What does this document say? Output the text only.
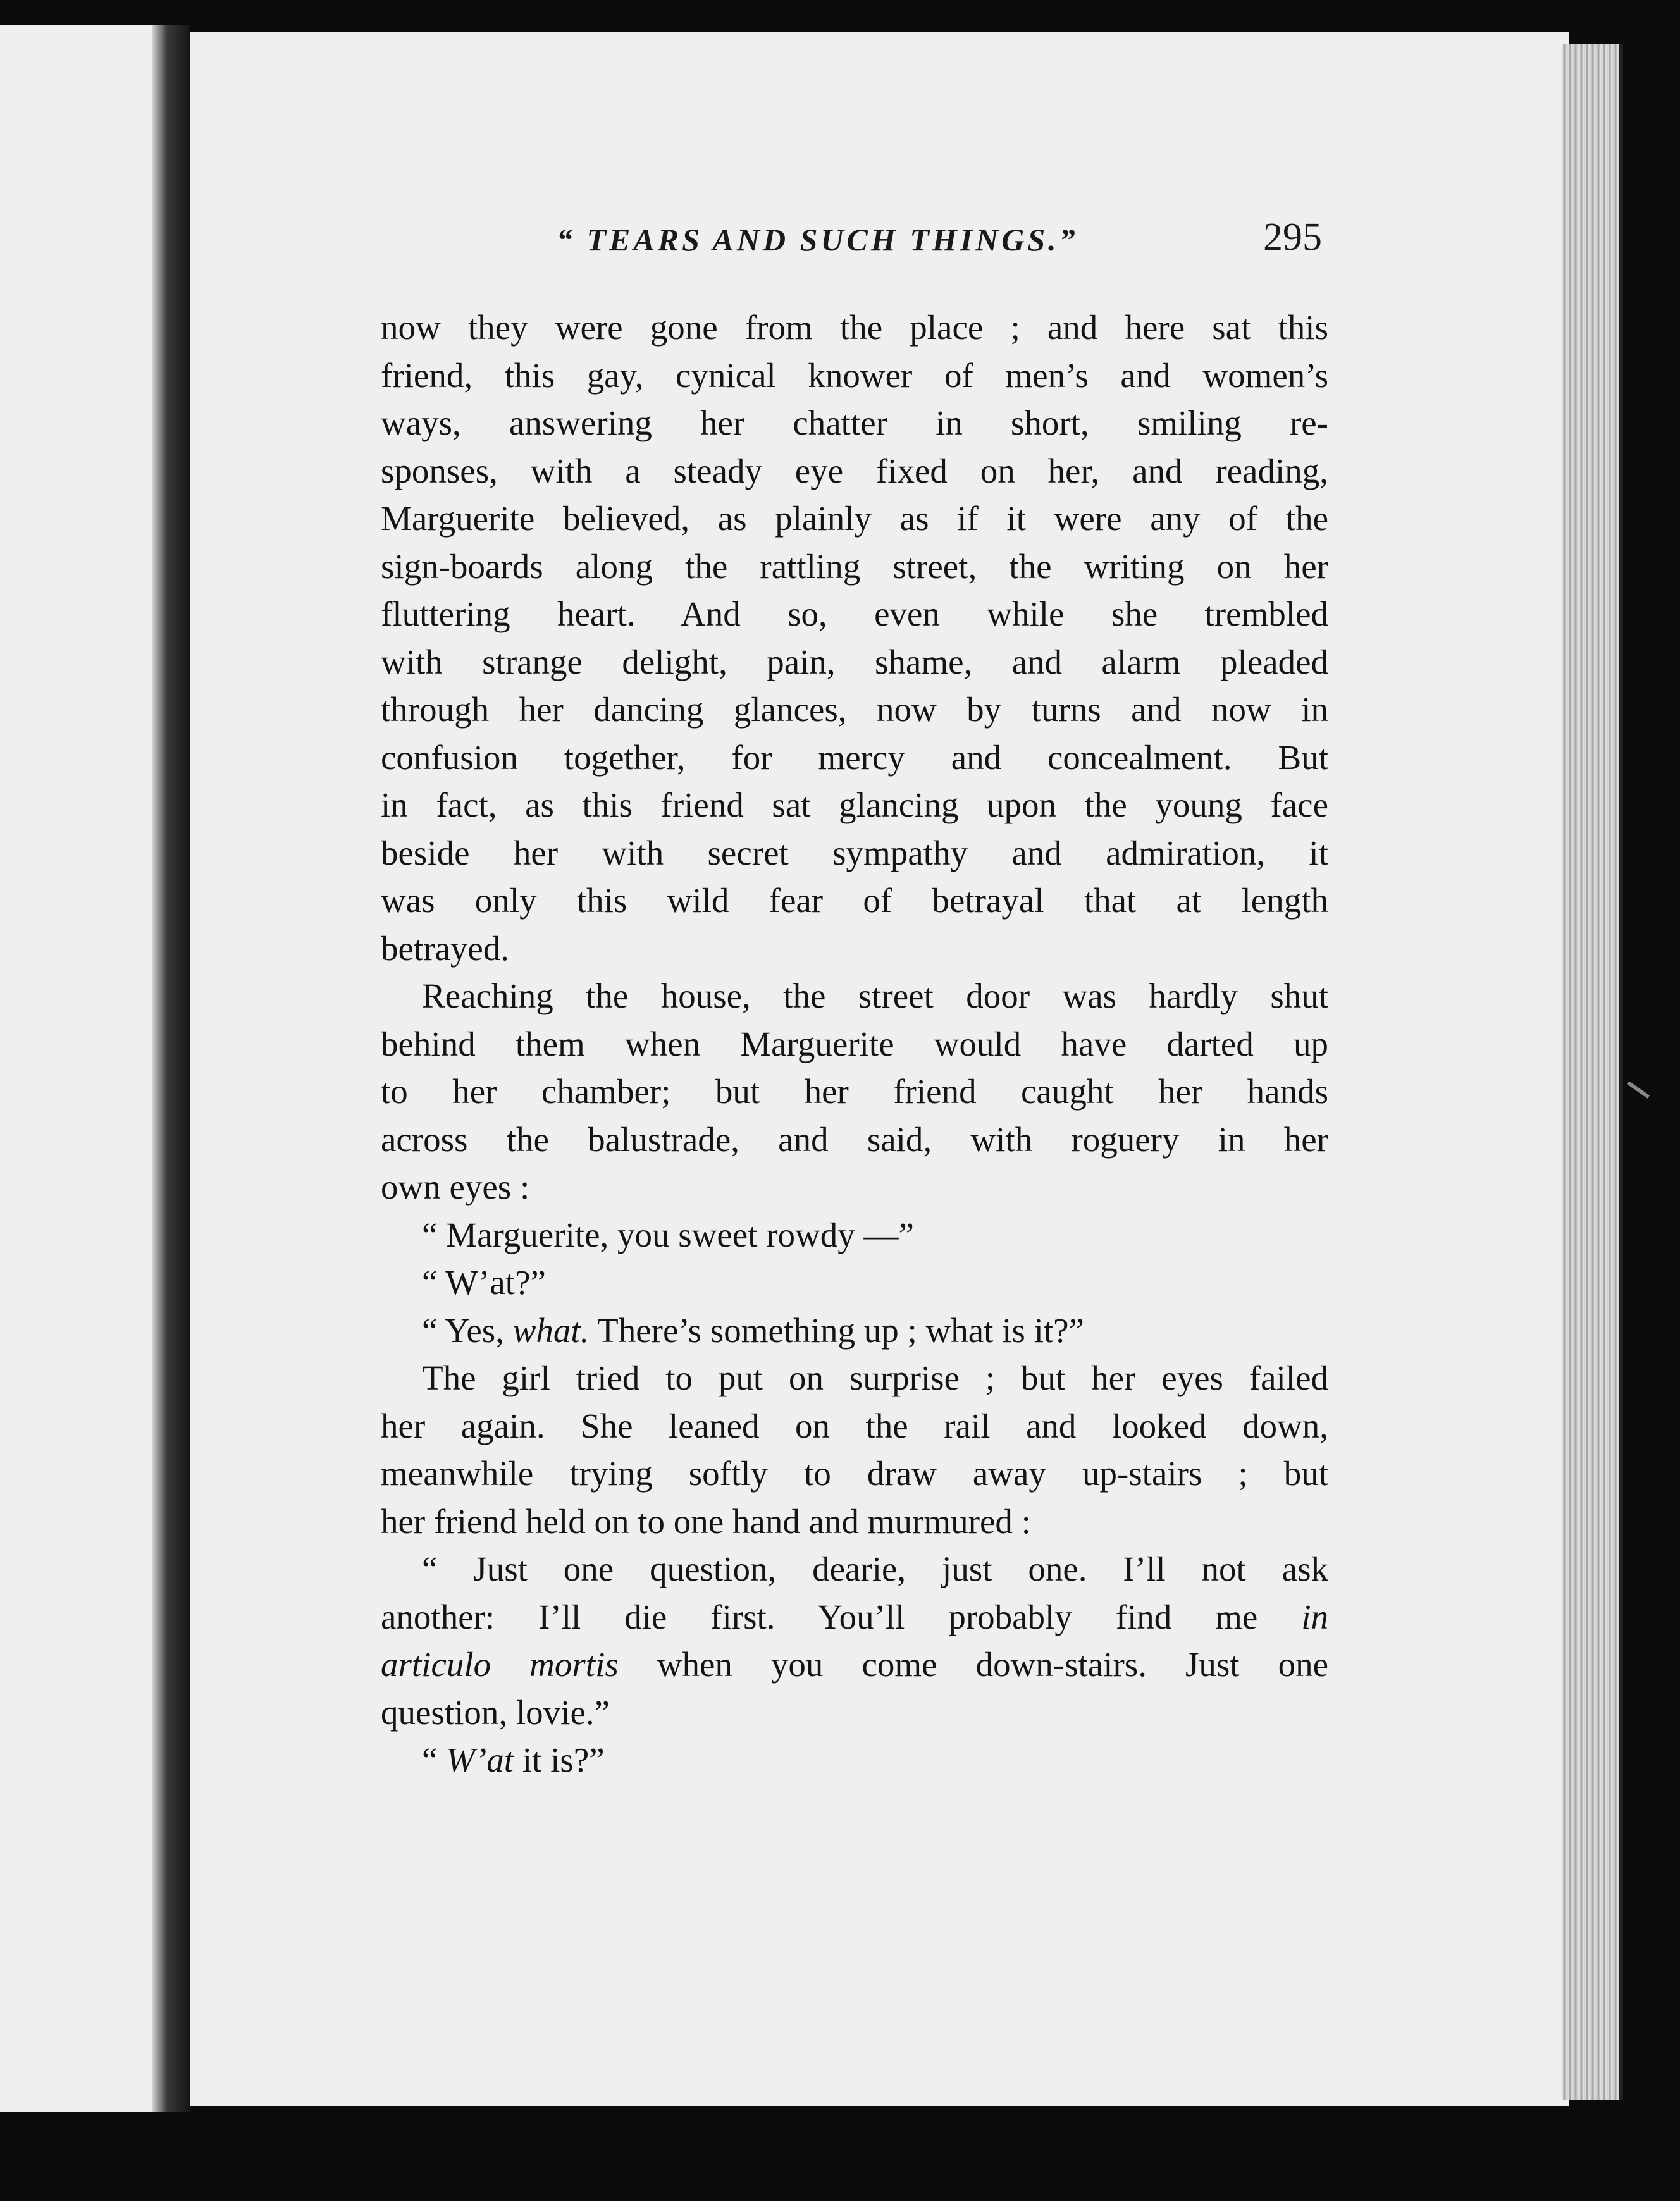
“ TEARS AND SUCH THINGS.”	295
now they were gone from the place ; and here sat this
friend, this gay, cynical knower of men’s and women’s
ways, answering her chatter in short, smiling re-
sponses, with a steady eye fixed on her, and reading,
Marguerite believed, as plainly as if it were any of the
sign-boards along the rattling street, the writing on her
fluttering heart. And so, even while she trembled
with strange delight, pain, shame, and alarm pleaded
through her dancing glances, now by turns and now in
confusion together, for mercy and concealment. But
in fact, as this friend sat glancing upon the young face
beside her with secret sympathy and admiration, it
was only this wild fear of betrayal that at length
betrayed.
Reaching the house, the street door was hardly shut
behind them when Marguerite would have darted up
to her chamber; but her friend caught her hands
across the balustrade, and said, with roguery in her
own eyes :
“ Marguerite, you sweet rowdy —”
“ W’at?”
“ Yes, what. There’s something up ; what is it?”
The girl tried to put on surprise ; but her eyes failed
her again. She leaned on the rail and looked down,
meanwhile trying softly to draw away up-stairs ; but
her friend held on to one hand and murmured :
“ Just one question, dearie, just one. I’ll not ask
another: I’ll die first. You’ll probably find me in
articulo mortis when you come down-stairs. Just one
question, lovie.”
“ W’at it is?”
